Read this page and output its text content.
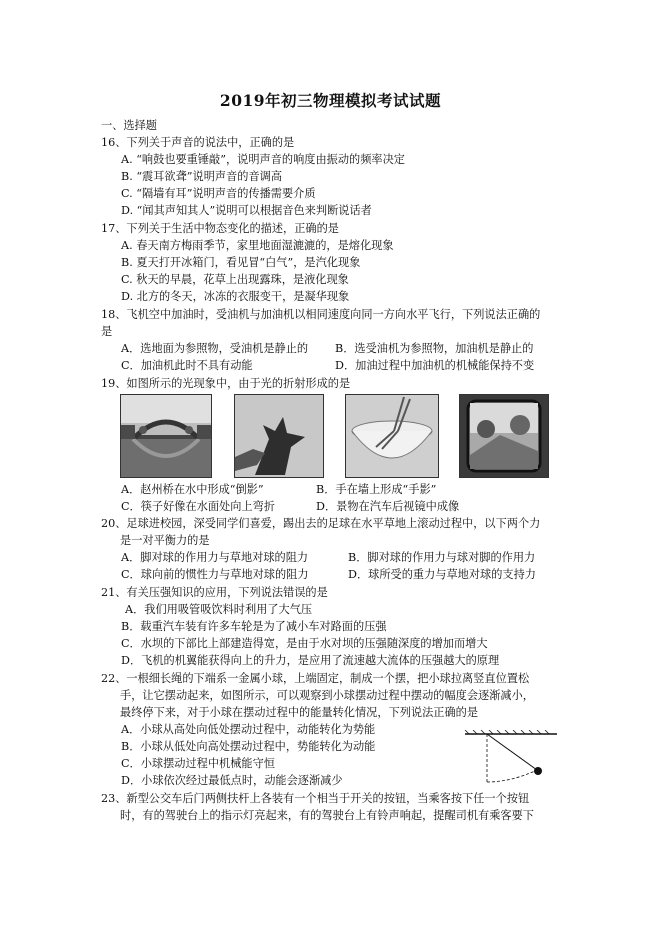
2019年初三物理模拟考试试题
一、选择题
16、下列关于声音的说法中，正确的是
A. “响鼓也要重锤敲”，说明声音的响度由振动的频率决定
B. “震耳欲聋”说明声音的音调高
C. “隔墙有耳”说明声音的传播需要介质
D. “闻其声知其人”说明可以根据音色来判断说话者
17、下列关于生活中物态变化的描述，正确的是
A. 春天南方梅雨季节，家里地面湿漉漉的，是熔化现象
B. 夏天打开冰箱门，看见冒“白气”，是汽化现象
C. 秋天的早晨，花草上出现露珠，是液化现象
D. 北方的冬天，冰冻的衣服变干，是凝华现象
18、飞机空中加油时，受油机与加油机以相同速度向同一方向水平飞行，下列说法正确的
是
A．选地面为参照物，受油机是静止的 B．选受油机为参照物，加油机是静止的
C．加油机此时不具有动能	D．加油过程中加油机的机械能保持不变
19、如图所示的光现象中，由于光的折射形成的是
A．赵州桥在水中形成“倒影”	B．手在墙上形成“手影”
C．筷子好像在水面处向上弯折	D．景物在汽车后视镜中成像
20、足球进校园，深受同学们喜爱，踢出去的足球在水平草地上滚动过程中，以下两个力
是一对平衡力的是
A．脚对球的作用力与草地对球的阻力	B．脚对球的作用力与球对脚的作用力
C．球向前的惯性力与草地对球的阻力	D．球所受的重力与草地对球的支持力
21、有关压强知识的应用，下列说法错误的是
A．我们用吸管吸饮料时利用了大气压
B．载重汽车装有许多车轮是为了减小车对路面的压强
C．水坝的下部比上部建造得宽，是由于水对坝的压强随深度的增加而增大
D．飞机的机翼能获得向上的升力，是应用了流速越大流体的压强越大的原理
22、一根细长绳的下端系一金属小球，上端固定，制成一个摆，把小球拉离竖直位置松
手，让它摆动起来，如图所示，可以观察到小球摆动过程中摆动的幅度会逐渐减小，
最终停下来，对于小球在摆动过程中的能量转化情况，下列说法正确的是
A．小球从高处向低处摆动过程中，动能转化为势能
B．小球从低处向高处摆动过程中，势能转化为动能
C．小球摆动过程中机械能守恒
D．小球依次经过最低点时，动能会逐渐减少
23、新型公交车后门两侧扶杆上各装有一个相当于开关的按钮，当乘客按下任一个按钮
时，有的驾驶台上的指示灯亮起来，有的驾驶台上有铃声响起，提醒司机有乘客要下
